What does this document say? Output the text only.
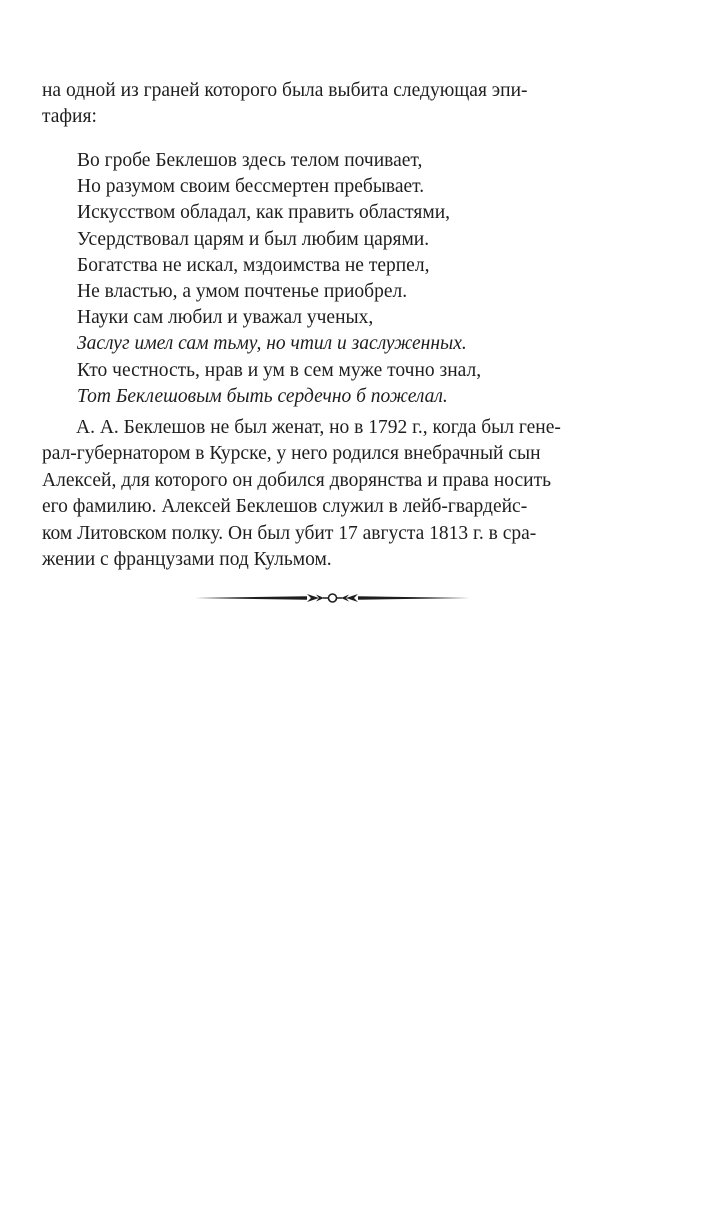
на одной из граней которого была выбита следующая эпи-
тафия:
Во гробе Беклешов здесь телом почивает,
Но разумом своим бессмертен пребывает.
Искусством обладал, как править областями,
Усердствовал царям и был любим царями.
Богатства не искал, мздоимства не терпел,
Не властью, а умом почтенье приобрел.
Науки сам любил и уважал ученых,
Заслуг имел сам тьму, но чтил и заслуженных.
Кто честность, нрав и ум в сем муже точно знал,
Тот Беклешовым быть сердечно б пожелал.
А. А. Беклешов не был женат, но в 1792 г., когда был гене-
рал-губернатором в Курске, у него родился внебрачный сын
Алексей, для которого он добился дворянства и права носить
его фамилию. Алексей Беклешов служил в лейб-гвардейс-
ком Литовском полку. Он был убит 17 августа 1813 г. в сра-
жении с французами под Кульмом.
